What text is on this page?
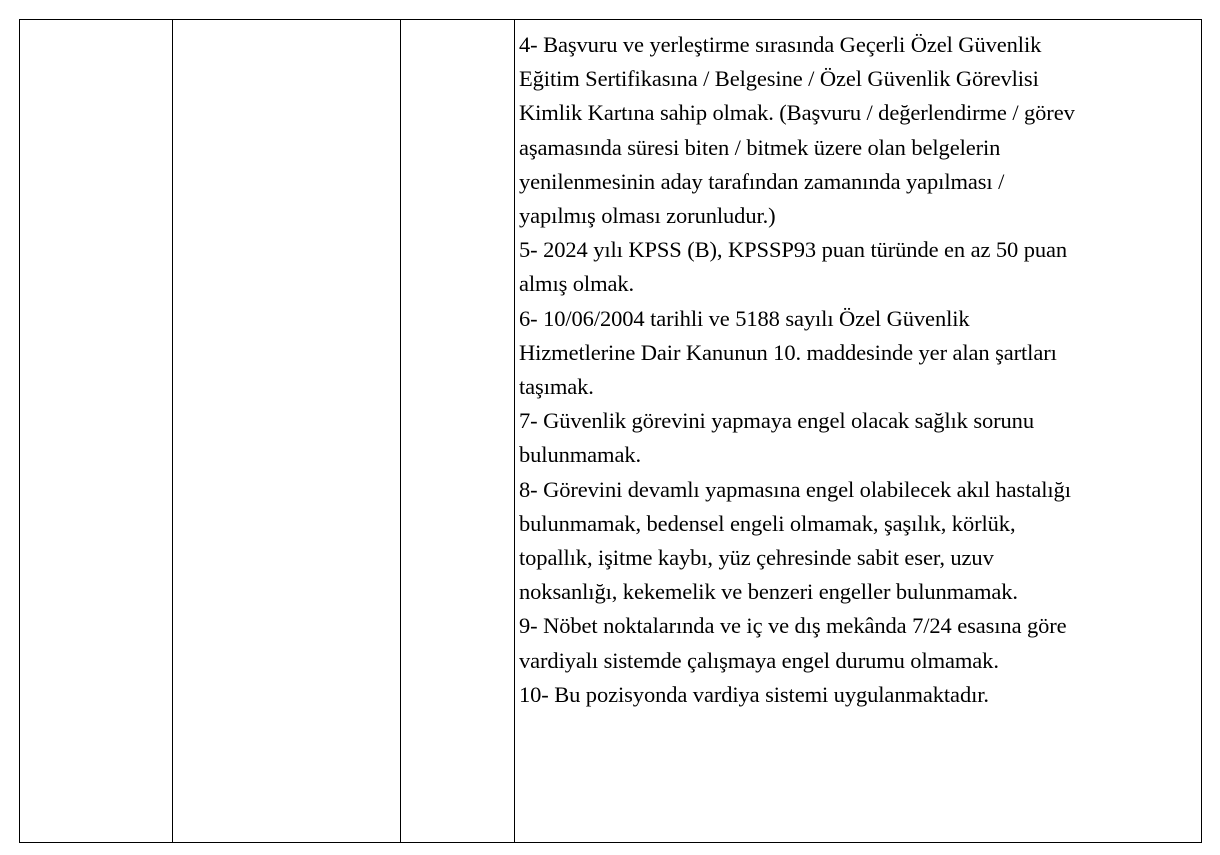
4- Başvuru ve yerleştirme sırasında Geçerli Özel Güvenlik
Eğitim Sertifikasına / Belgesine / Özel Güvenlik Görevlisi
Kimlik Kartına sahip olmak. (Başvuru / değerlendirme / görev
aşamasında süresi biten / bitmek üzere olan belgelerin
yenilenmesinin aday tarafından zamanında yapılması /
yapılmış olması zorunludur.)
5- 2024 yılı KPSS (B), KPSSP93 puan türünde en az 50 puan
almış olmak.
6- 10/06/2004 tarihli ve 5188 sayılı Özel Güvenlik
Hizmetlerine Dair Kanunun 10. maddesinde yer alan şartları
taşımak.
7- Güvenlik görevini yapmaya engel olacak sağlık sorunu
bulunmamak.
8- Görevini devamlı yapmasına engel olabilecek akıl hastalığı
bulunmamak, bedensel engeli olmamak, şaşılık, körlük,
topallık, işitme kaybı, yüz çehresinde sabit eser, uzuv
noksanlığı, kekemelik ve benzeri engeller bulunmamak.
9- Nöbet noktalarında ve iç ve dış mekânda 7/24 esasına göre
vardiyalı sistemde çalışmaya engel durumu olmamak.
10- Bu pozisyonda vardiya sistemi uygulanmaktadır.
